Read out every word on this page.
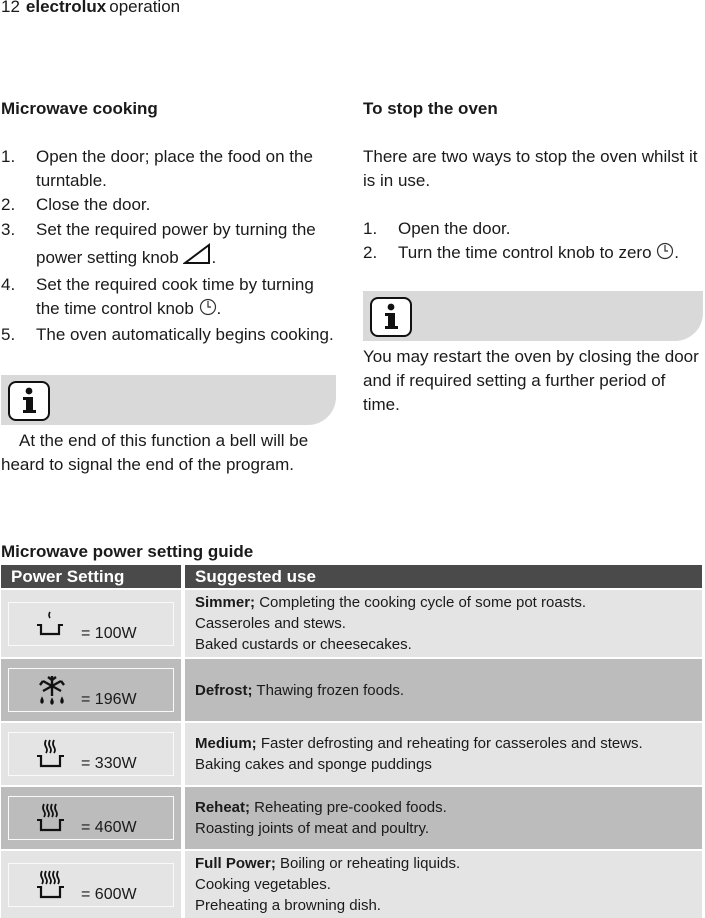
12 electrolux operation
Microwave cooking
1. Open the door; place the food on the turntable.
2. Close the door.
3. Set the required power by turning the power setting knob .
4. Set the required cook time by turning the time control knob .
5. The oven automatically begins cooking.
At the end of this function a bell will be heard to signal the end of the program.
To stop the oven
There are two ways to stop the oven whilst it is in use.
1. Open the door.
2. Turn the time control knob to zero .
You may restart the oven by closing the door and if required setting a further period of time.
Microwave power setting guide
Power Setting	Suggested use

= 100W	Simmer; Completing the cooking cycle of some pot roasts.
Casseroles and stews.
Baked custards or cheesecakes.

= 196W	Defrost; Thawing frozen foods.

= 330W	Medium; Faster defrosting and reheating for casseroles and stews.
Baking cakes and sponge puddings

= 460W	Reheat; Reheating pre-cooked foods.
Roasting joints of meat and poultry.

= 600W	Full Power; Boiling or reheating liquids.
Cooking vegetables.
Preheating a browning dish.
